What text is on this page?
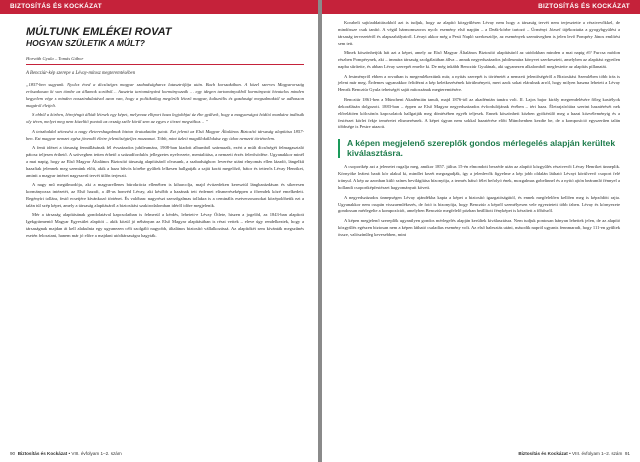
BIZTOSÍTÁS ÉS KOCKÁZAT
MÚLTUNK EMLÉKEI ROVAT
HOGYAN SZÜLETIK A MÚLT?
Horváth Gyula – Tomás Gábor
A Bencziúr-kép szerepe a Lévay-mítosz megteremtésében

„1857-ben sugyunk. Nyolcz éved a dicsőséges magyar szabadságharcz lutasztrófája után. Buch korszakában. A közel szerves Magyarország erőszakosan ki van tömbe az államok sorából… Ausztria tartományává kormányozzák … egy idegen tartományokból kormányzott hivatalos minden kegyelem vége s minden nosszindulatával azon van, hogy a politikailag megőrült létező magyar, kulturális és gazdasági megsalmaktól se adhasson magáról életjelt.

S ebből a körben, létrejéngtt állódt létrsek egy képet, melyenaz elhport haza legjobbjai úz ébe gyűlvek, hogy a magyarságot hódító munkára indítsák oly téren, melyet meg nem közelítő pontok az ország széle körül sem az egyes e törzet megváltoz… ”

A tetszhaldal sétessést a nagy életereshagalmak bizton őrutudatáin jutott. Ezt jelenti az Első Magyar Általános Biztosító társaság alapítása 1857-ben. Ezt magyar nemzet egész jövendő életre jelentőségteljes mozzanat. Több, mint üzleti magállokállokász egy ódon nemzeti történelem.

A fenti idézet a társaság fennállásának fél évszázados jubileumára, 1908-ban kiadott albumból származik, ezért a múlt dicsőségét felmagasztaló pátosz teljesen érthető. A szövegben tetten érhető a századfordulós jellegzetes nyelvezete, mentalitása, a nemzeti érzés felerősödése. Ugyanakkor minél a mai napig, hogy az Első Magyar Általános Biztosító társaság alapításáról olvasunk, a szabadsághorc leverése utáni elnyomás ellen lázadó, lángelkű hazafiak jelennek meg szemünk előtt, akik a haza bűvös körébe gyűltek lelkesen hallgatják a saját korát megelőző, bátor és tetterős Lévay Henriket, aminit a magyar intézet nagyszerű tervét ütlőn terjeszti.

A nagy mű megálmodója, aki a magyarellenes bürokrácia ellenében is kiharcolja, majd évtizedeken keresztül lángbarázdásan és sikeresen kormányozza intézetét, az Első hazafi, a 48-as honvéd Lévay, aki később a hazának tett érdemei elismeréseképpen a főrendek közé emelkedett. Regényíri tollára, festő ecsetjére kívánkozó történet. És valóban: nagyrészt szerzőgalmas tollakra is a ceminálís esetverzosonokat középolóhetik ezt a talán túl szép képet, amely a társaság alapításáról a biztosítási szakirodalomban idéről időre megjelenik.

Mér a társaság alapításának gondolatával kapcsolatban is felmerül a kérdés, lehetett-e Lévay Ötlete, hiszen a jogelőd, az 1843-ban alapított Igekgrármentő Magyar Egyesület alapítói – akik közül jó néhányan az Első Magyar alapításában is részt vettek – eleve úgy rendelkeztek, hogy a társaságnak majdan át kell alakulnia egy ugyanezen célt szolgáló nagyobb, általános biztosító vállalkozássá. Az alapítókét sem kívánták megszűnés esetén felosztani, hanem már jó előre a majdani utódtársaságra hagyták.

90 Biztosítás és Kockázat • VIII. évfolyam 1–2. szám
BIZTOSÍTÁS ÉS KOCKÁZAT

Korabeli sajtóaddattásokból azt is tudjuk, hogy az alapító közgyűlésen Lévay nem hogy a társaság tervét nem terjesztette a résztvevőkkel, de mindössze csak tanító. A végül hármomszoros nyolc esemény első napján – a Deák-körbe tartozó – Ürményi József tájékoztatta a gyogybgyülést a társaság tervezetéről és alapszabályairól. Lévayt akkor még a Pesti Napló szerkesztője, az események szemüvegben is jelen levő Pompéry János említést sem tett.

Minek köszönhetjük hát azt a képet, amely az Első Magyar Általános Biztosító alapításáról az utódokban minden a mai napig él? Furcsa módon részben Pompérynek, aki – immára társaság szolgálatában állva – annak negyedszázados jubileumára könyvet szerkesztett, amelyben az alapítást egyetlen napba sűrítette, és abban Lévay szerepét emelte ki. De még inkább Bencziúr Gyulának, aki ugyanezen alkalomból megfestette az alapítás pillanatát.

A festményről ebben a rovatban is megemlékeztünk már, a nyitás szerepét is történetét a nemzeti jelentőségéről a Biztosítási Szemlében több írás is jelent már meg. Érdemes ugyanakkor felidézni a kép keletkezésének körülményeit, mert azok sokat elárulnak arról, hogy milyen haszna lehetett a Lévay Henrik Bencziúr Gyula tehetségét saját mítoszának megteremtésére.

Bencziúr 1861-ben a Müncheni Akadémián tanult, majd 1876-tól az akadémián tanára volt. II. Lajos bajor király megrendelésére főleg kastélyok dekorálásán dolgozott. 1883-ban – éppen az Első Magyar negyedszázados évfordulójának évében – tért haza. Életrajzíróiára szerint hazatérését nek előrelátóen kölcsönös kapcsolatok hallgatják meg döntésében egyéb teljesek. Ennek köszönheti közben gyökérülő meg a hazai közvéleményig és a festészet körlet fekje teméretet elismerésnek. A képet úgyan nem sokkal hazatérése előtt Münchenben kezdte be, de a komposíció egyszerűen talán többsége is Pestre utazott.

A képen megjelenő szereplők gondos mérlegelés alapján kerültek kiválasztásra.

A csoportkép azt a jelenetet rugalja meg, amikor 1857. július 15-én elmondott beszéde után az alapító közgyűlés résztvevői Lévay Henriket ünneplik. Környöke leáiest barát kör alakul ki, mindlet kezét megragadják, így a jelenlevők figyelme a kép jobb oldalán látható Lévayt körülvevő csoport felé irányul. A kép az azonban külö színes bevilágítása bízonyítja, a termés hátsó félet befolyó ének, mozgalmas gobelinnel és a nyitó ajtón beáramló fénnyel a hollandi csoportképfestészet hagyományait követi.

A negyedszázados ünnepségen Lévay ajándékba kapta a képet a biztosító igazgatóságától, és ennek megfelelően kellően meg is képződött rajta. Ugyanakkor nem csupán visszaemlékezés, de fotó is bizonyítja, hogy Bencziúr a képről személyesen vele egyeztetett több ízben. Lévay és környezete gondossan mérlegelte a kompozíciót, amelyben Bencziúr megfelelő pózban beállított fényképet is készített a főhősről.

A képen megjelenő szereplők ugyanilyen gondos mérlegelés alapján kerültek kiválasztásra. Nem tudjuk pontosan hányan lehettek jelen, de az alapító közgyűlés egészen biztosan nem a képen látható csaladías esemény volt. Az első balesztás utáni, második napról ugyanis fennmaradt, hogy 111-en gyűltek össze, valószínűleg kevesebben, mint

Biztosítás és Kockázat • VIII. évfolyam 1–2. szám 91
